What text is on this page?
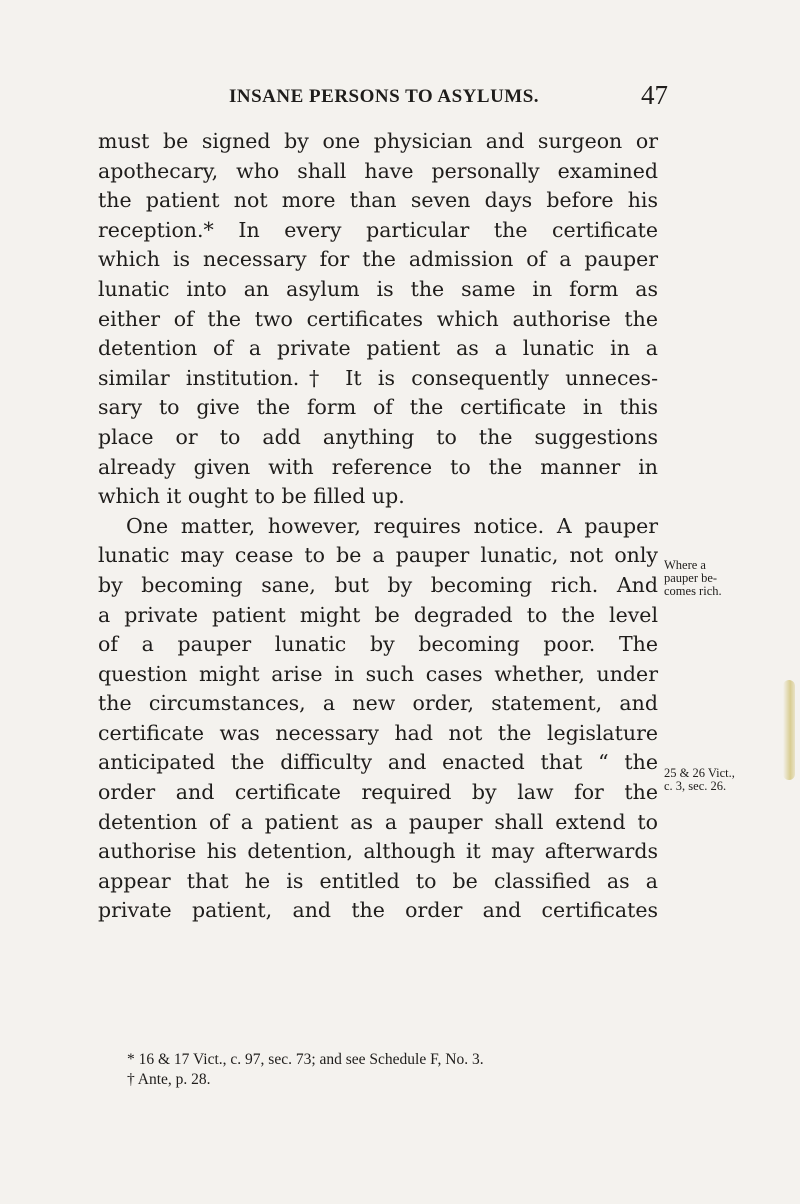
INSANE PERSONS TO ASYLUMS.	47
must be signed by one physician and surgeon or
apothecary, who shall have personally examined
the patient not more than seven days before his
reception.* In every particular the certificate
which is necessary for the admission of a pauper
lunatic into an asylum is the same in form as
either of the two certificates which authorise the
detention of a private patient as a lunatic in a
similar institution.† It is consequently unneces-
sary to give the form of the certificate in this
place or to add anything to the suggestions
already given with reference to the manner in
which it ought to be filled up.
One matter, however, requires notice. A pauper
lunatic may cease to be a pauper lunatic, not only
by becoming sane, but by becoming rich. And
a private patient might be degraded to the level
of a pauper lunatic by becoming poor. The
question might arise in such cases whether, under
the circumstances, a new order, statement, and
certificate was necessary had not the legislature
anticipated the difficulty and enacted that “ the
order and certificate required by law for the
detention of a patient as a pauper shall extend to
authorise his detention, although it may afterwards
appear that he is entitled to be classified as a
private patient, and the order and certificates
Where a
pauper be-
comes rich.
25 & 26 Vict.,
c. 3, sec. 26.
* 16 & 17 Vict., c. 97, sec. 73; and see Schedule F, No. 3.
† Ante, p. 28.
